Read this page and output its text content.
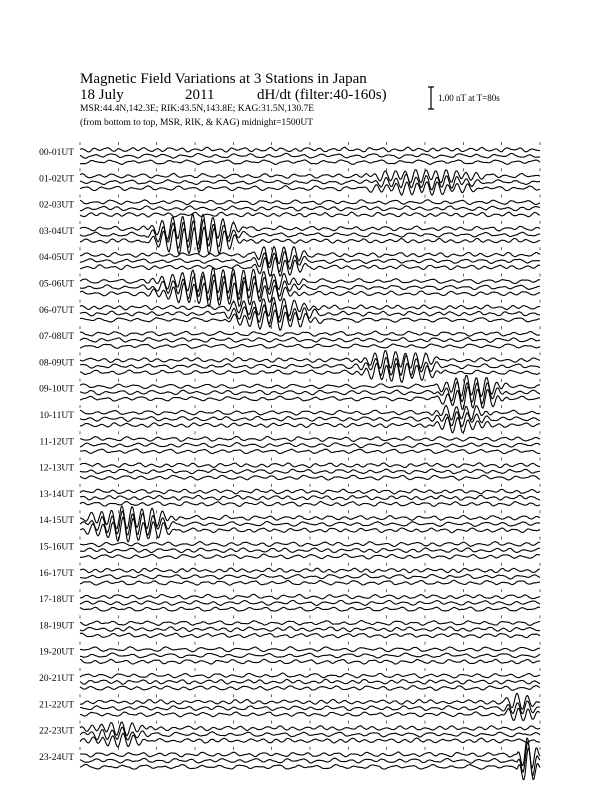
Magnetic Field Variations at 3 Stations in Japan
18 July	2011	dH/dt (filter:40-160s)
MSR:44.4N,142.3E; RIK:43.5N,143.8E; KAG:31.5N,130.7E
(from bottom to top, MSR, RIK, & KAG) midnight=1500UT
1.00 nT at T=80s
00-01UT
01-02UT
02-03UT
03-04UT
04-05UT
05-06UT
06-07UT
07-08UT
08-09UT
09-10UT
10-11UT
11-12UT
12-13UT
13-14UT
14-15UT
15-16UT
16-17UT
17-18UT
18-19UT
19-20UT
20-21UT
21-22UT
22-23UT
23-24UT
